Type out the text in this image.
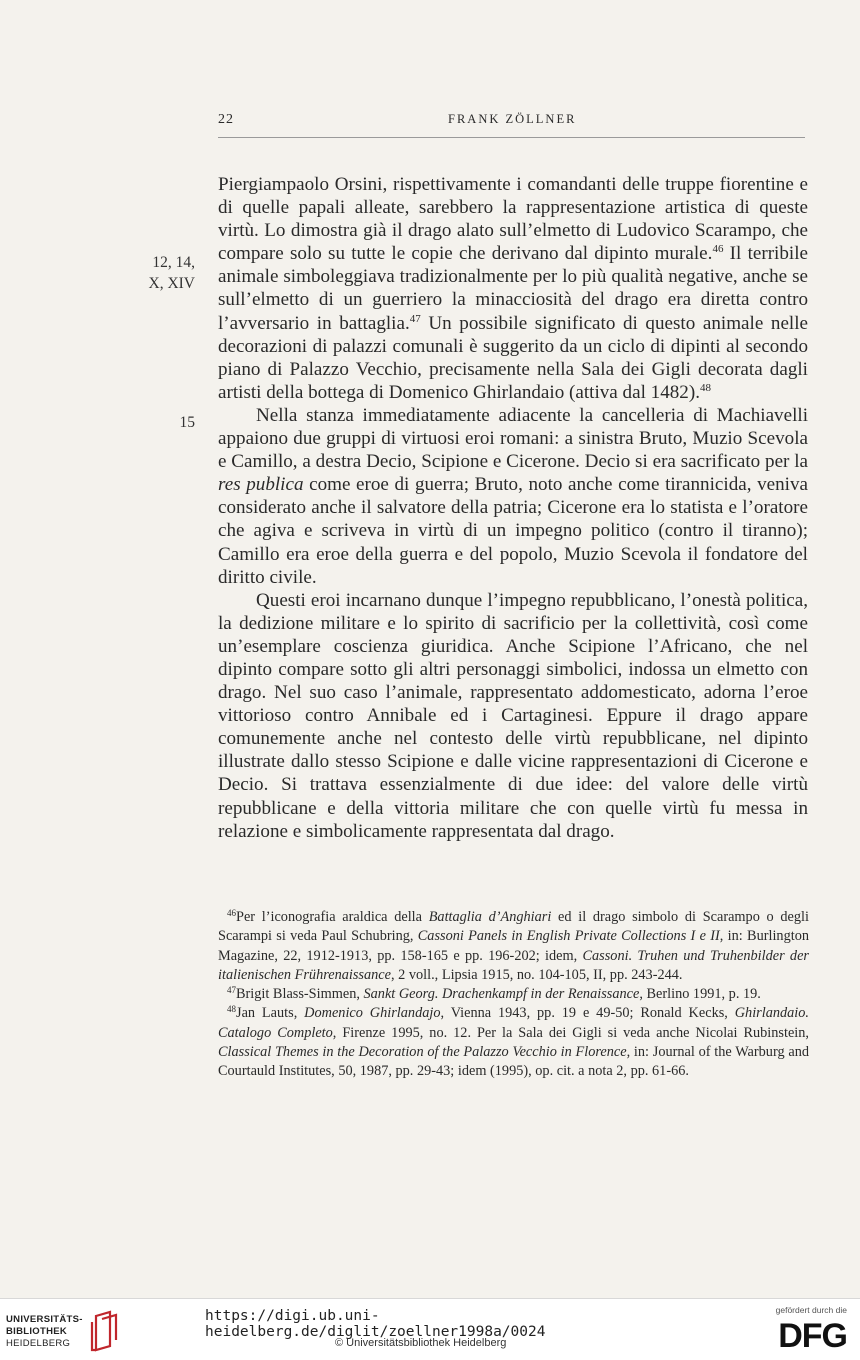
22	FRANK ZÖLLNER
12, 14,
X, XIV
15

Piergiampaolo Orsini, rispettivamente i comandanti delle truppe fiorentine e di quelle papali alleate, sarebbero la rappresentazione artistica di queste virtù. Lo dimostra già il drago alato sull’elmetto di Ludovico Scarampo, che compare solo su tutte le copie che derivano dal dipinto murale.$^{46}$ Il terribile animale simboleggiava tradizionalmente per lo più qualità negative, anche se sull’elmetto di un guerriero la minacciosità del drago era diretta contro l’avversario in battaglia.$^{47}$ Un possibile significato di questo animale nelle decorazioni di palazzi comunali è suggerito da un ciclo di dipinti al secondo piano di Palazzo Vecchio, precisamente nella Sala dei Gigli decorata dagli artisti della bottega di Domenico Ghirlandaio (attiva dal 1482).$^{48}$

Nella stanza immediatamente adiacente la cancelleria di Machiavelli appaiono due gruppi di virtuosi eroi romani: a sinistra Bruto, Muzio Scevola e Camillo, a destra Decio, Scipione e Cicerone. Decio si era sacrificato per la res publica come eroe di guerra; Bruto, noto anche come tirannicida, veniva considerato anche il salvatore della patria; Cicerone era lo statista e l’oratore che agiva e scriveva in virtù di un impegno politico (contro il tiranno); Camillo era eroe della guerra e del popolo, Muzio Scevola il fondatore del diritto civile.

Questi eroi incarnano dunque l’impegno repubblicano, l’onestà politica, la dedizione militare e lo spirito di sacrificio per la collettività, così come un’esemplare coscienza giuridica. Anche Scipione l’Africano, che nel dipinto compare sotto gli altri personaggi simbolici, indossa un elmetto con drago. Nel suo caso l’animale, rappresentato addomesticato, adorna l’eroe vittorioso contro Annibale ed i Cartaginesi. Eppure il drago appare comunemente anche nel contesto delle virtù repubblicane, nel dipinto illustrate dallo stesso Scipione e dalle vicine rappresentazioni di Cicerone e Decio. Si trattava essenzialmente di due idee: del valore delle virtù repubblicane e della vittoria militare che con quelle virtù fu messa in relazione e simbolicamente rappresentata dal drago.

$^{46}$Per l’iconografia araldica della Battaglia d’Anghiari ed il drago simbolo di Scarampo o degli Scarampi si veda Paul Schubring, Cassoni Panels in English Private Collections I e II, in: Burlington Magazine, 22, 1912-1913, pp. 158-165 e pp. 196-202; idem, Cassoni. Truhen und Truhenbilder der italienischen Frührenaissance, 2 voll., Lipsia 1915, no. 104-105, II, pp. 243-244.

$^{47}$Brigit Blass-Simmen, Sankt Georg. Drachenkampf in der Renaissance, Berlino 1991, p. 19.

$^{48}$Jan Lauts, Domenico Ghirlandajo, Vienna 1943, pp. 19 e 49-50; Ronald Kecks, Ghirlandaio. Catalogo Completo, Firenze 1995, no. 12. Per la Sala dei Gigli si veda anche Nicolai Rubinstein, Classical Themes in the Decoration of the Palazzo Vecchio in Florence, in: Journal of the Warburg and Courtauld Institutes, 50, 1987, pp. 29-43; idem (1995), op. cit. a nota 2, pp. 61-66.

UNIVERSITÄTS-
BIBLIOTHEK
HEIDELBERG
https://digi.ub.uni-heidelberg.de/diglit/zoellner1998a/0024
© Universitätsbibliothek Heidelberg
gefördert durch die
DFG
